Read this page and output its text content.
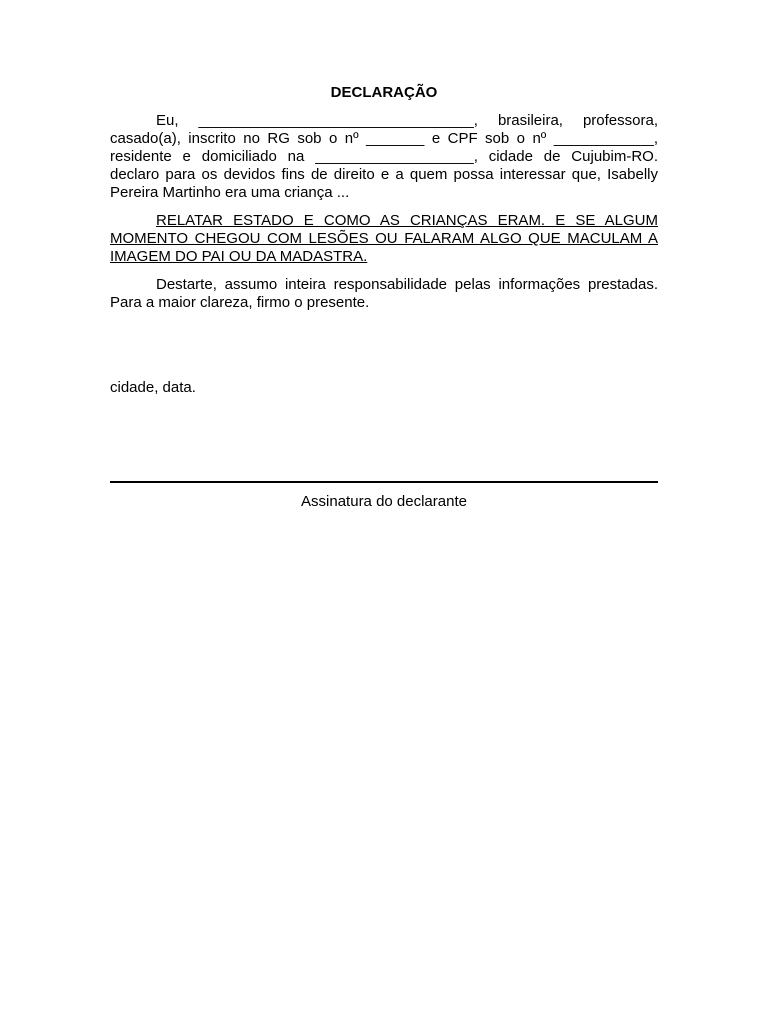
DECLARAÇÃO

Eu, _________________________________, brasileira, professora, casado(a), inscrito no RG sob o nº _______ e CPF sob o nº ____________, residente e domiciliado na ___________________, cidade de Cujubim-RO. declaro para os devidos fins de direito e a quem possa interessar que, Isabelly Pereira Martinho era uma criança ...

RELATAR ESTADO E COMO AS CRIANÇAS ERAM. E SE ALGUM MOMENTO CHEGOU COM LESÕES OU FALARAM ALGO QUE MACULAM A IMAGEM DO PAI OU DA MADASTRA.

Destarte, assumo inteira responsabilidade pelas informações prestadas. Para a maior clareza, firmo o presente.

cidade, data.
Assinatura do declarante
